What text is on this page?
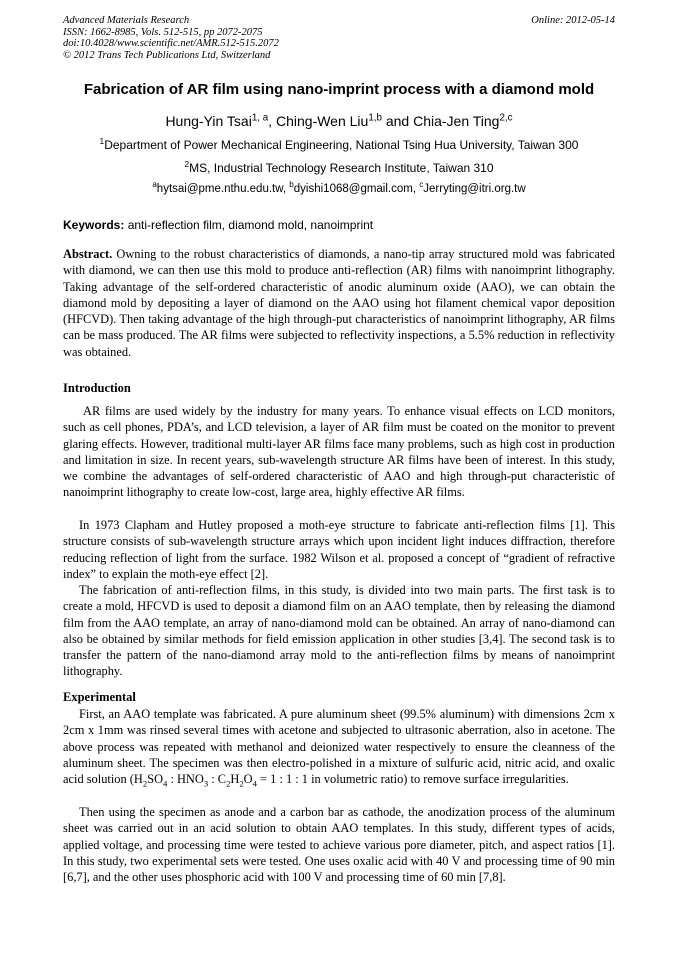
Advanced Materials Research
ISSN: 1662-8985, Vols. 512-515, pp 2072-2075
doi:10.4028/www.scientific.net/AMR.512-515.2072
© 2012 Trans Tech Publications Ltd, Switzerland
Online: 2012-05-14
Fabrication of AR film using nano-imprint process with a diamond mold
Hung-Yin Tsai$^{1, a}$, Ching-Wen Liu$^{1,b}$ and Chia-Jen Ting$^{2,c}$
$^1$Department of Power Mechanical Engineering, National Tsing Hua University, Taiwan 300
$^2$MS, Industrial Technology Research Institute, Taiwan 310
$^a$hytsai@pme.nthu.edu.tw, $^b$dyishi1068@gmail.com, $^c$Jerryting@itri.org.tw
Keywords: anti-reflection film, diamond mold, nanoimprint

Abstract. Owning to the robust characteristics of diamonds, a nano-tip array structured mold was fabricated with diamond, we can then use this mold to produce anti-reflection (AR) films with nanoimprint lithography. Taking advantage of the self-ordered characteristic of anodic aluminum oxide (AAO), we can obtain the diamond mold by depositing a layer of diamond on the AAO using hot filament chemical vapor deposition (HFCVD). Then taking advantage of the high through-put characteristics of nanoimprint lithography, AR films can be mass produced. The AR films were subjected to reflectivity inspections, a 5.5% reduction in reflectivity was obtained.

Introduction

AR films are used widely by the industry for many years. To enhance visual effects on LCD monitors, such as cell phones, PDA’s, and LCD television, a layer of AR film must be coated on the monitor to prevent glaring effects. However, traditional multi-layer AR films face many problems, such as high cost in production and limitation in size. In recent years, sub-wavelength structure AR films have been of interest. In this study, we combine the advantages of self-ordered characteristic of AAO and high through-put characteristic of nanoimprint lithography to create low-cost, large area, highly effective AR films.

In 1973 Clapham and Hutley proposed a moth-eye structure to fabricate anti-reflection films [1]. This structure consists of sub-wavelength structure arrays which upon incident light induces diffraction, therefore reducing reflection of light from the surface. 1982 Wilson et al. proposed a concept of “gradient of refractive index” to explain the moth-eye effect [2].

The fabrication of anti-reflection films, in this study, is divided into two main parts. The first task is to create a mold, HFCVD is used to deposit a diamond film on an AAO template, then by releasing the diamond film from the AAO template, an array of nano-diamond mold can be obtained. An array of nano-diamond can also be obtained by similar methods for field emission application in other studies [3,4]. The second task is to transfer the pattern of the nano-diamond array mold to the anti-reflection films by means of nanoimprint lithography.

Experimental

First, an AAO template was fabricated. A pure aluminum sheet (99.5% aluminum) with dimensions 2cm x 2cm x 1mm was rinsed several times with acetone and subjected to ultrasonic aberration, also in acetone. The above process was repeated with methanol and deionized water respectively to ensure the cleanness of the aluminum sheet. The specimen was then electro-polished in a mixture of sulfuric acid, nitric acid, and oxalic acid solution ($H_2SO_4$ : $HNO_3$ : $C_2H_2O_4 = 1$ : 1 : 1 in volumetric ratio) to remove surface irregularities.

Then using the specimen as anode and a carbon bar as cathode, the anodization process of the aluminum sheet was carried out in an acid solution to obtain AAO templates. In this study, different types of acids, applied voltage, and processing time were tested to achieve various pore diameter, pitch, and aspect ratios [1]. In this study, two experimental sets were tested. One uses oxalic acid with 40 V and processing time of 90 min [6,7], and the other uses phosphoric acid with 100 V and processing time of 60 min [7,8].
